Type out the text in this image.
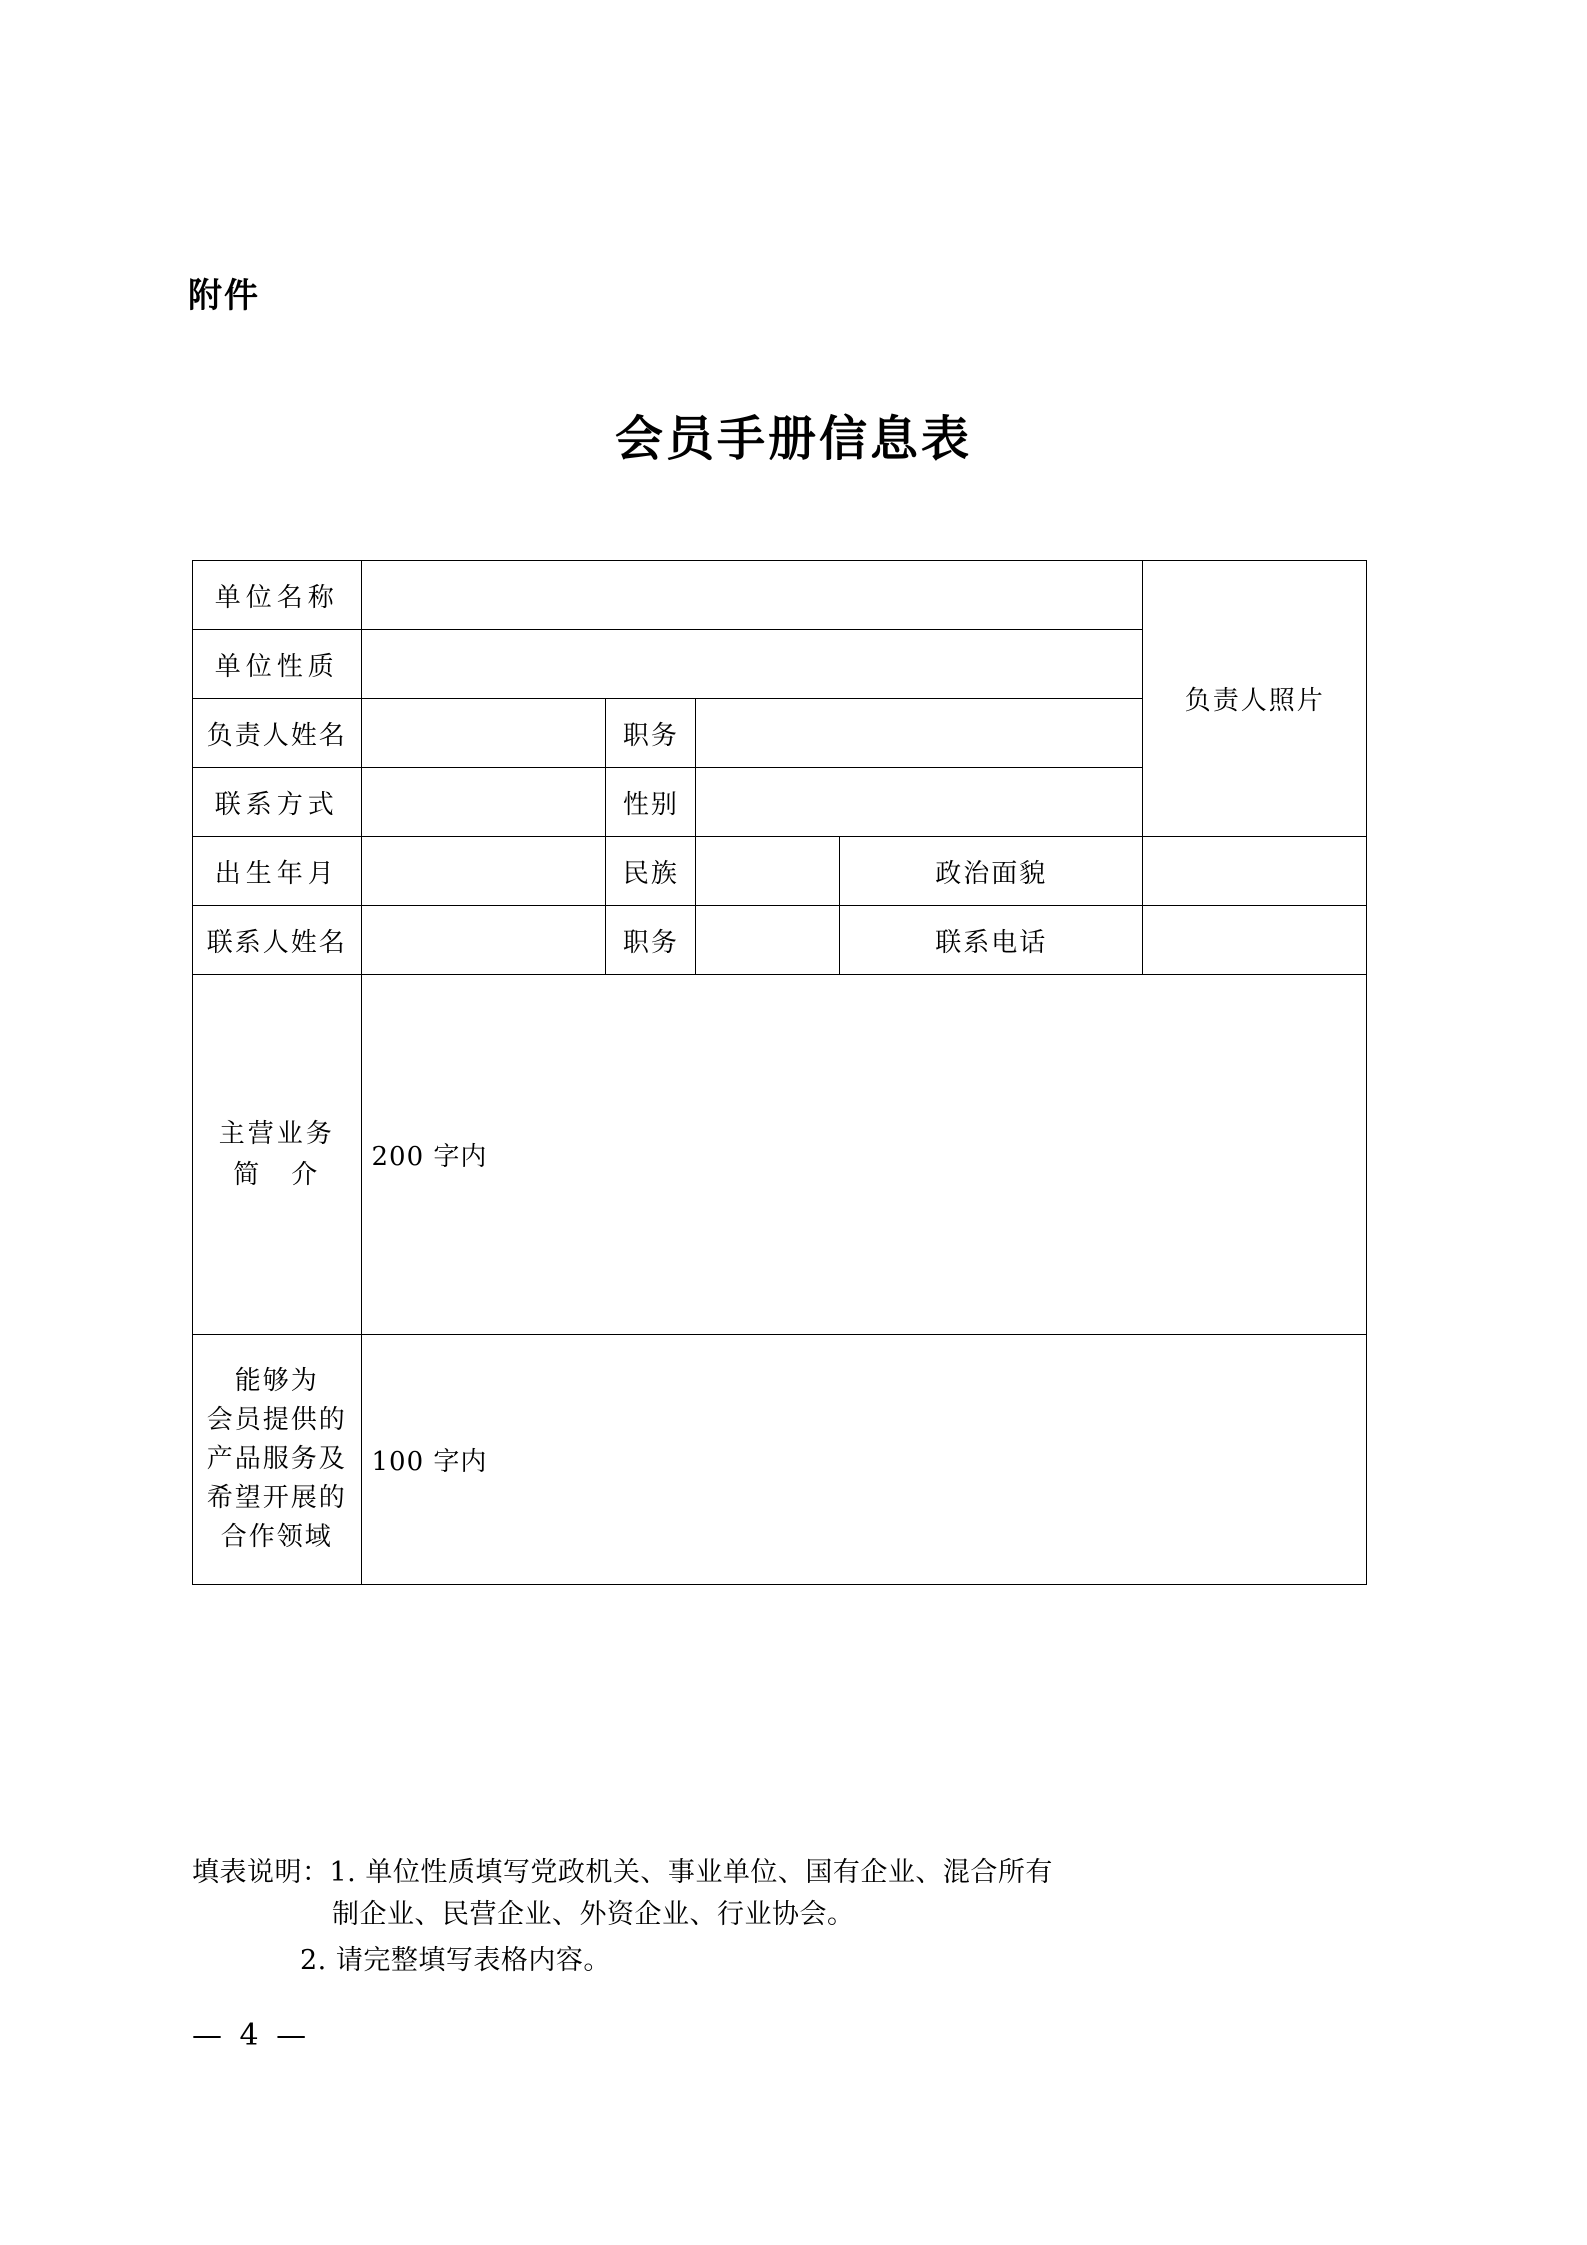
附件
会员手册信息表
单位名称					负责人照片
单位性质					
负责人姓名		职务			
联系方式		性别			
出生年月		民族		政治面貌	
联系人姓名		职务		联系电话	

主营业务
简　介	200 字内				

能够为
会员提供的
产品服务及
希望开展的
合作领域	100 字内				
填表说明：1. 单位性质填写党政机关、事业单位、国有企业、混合所有
制企业、民营企业、外资企业、行业协会。
2. 请完整填写表格内容。
— 4 —
